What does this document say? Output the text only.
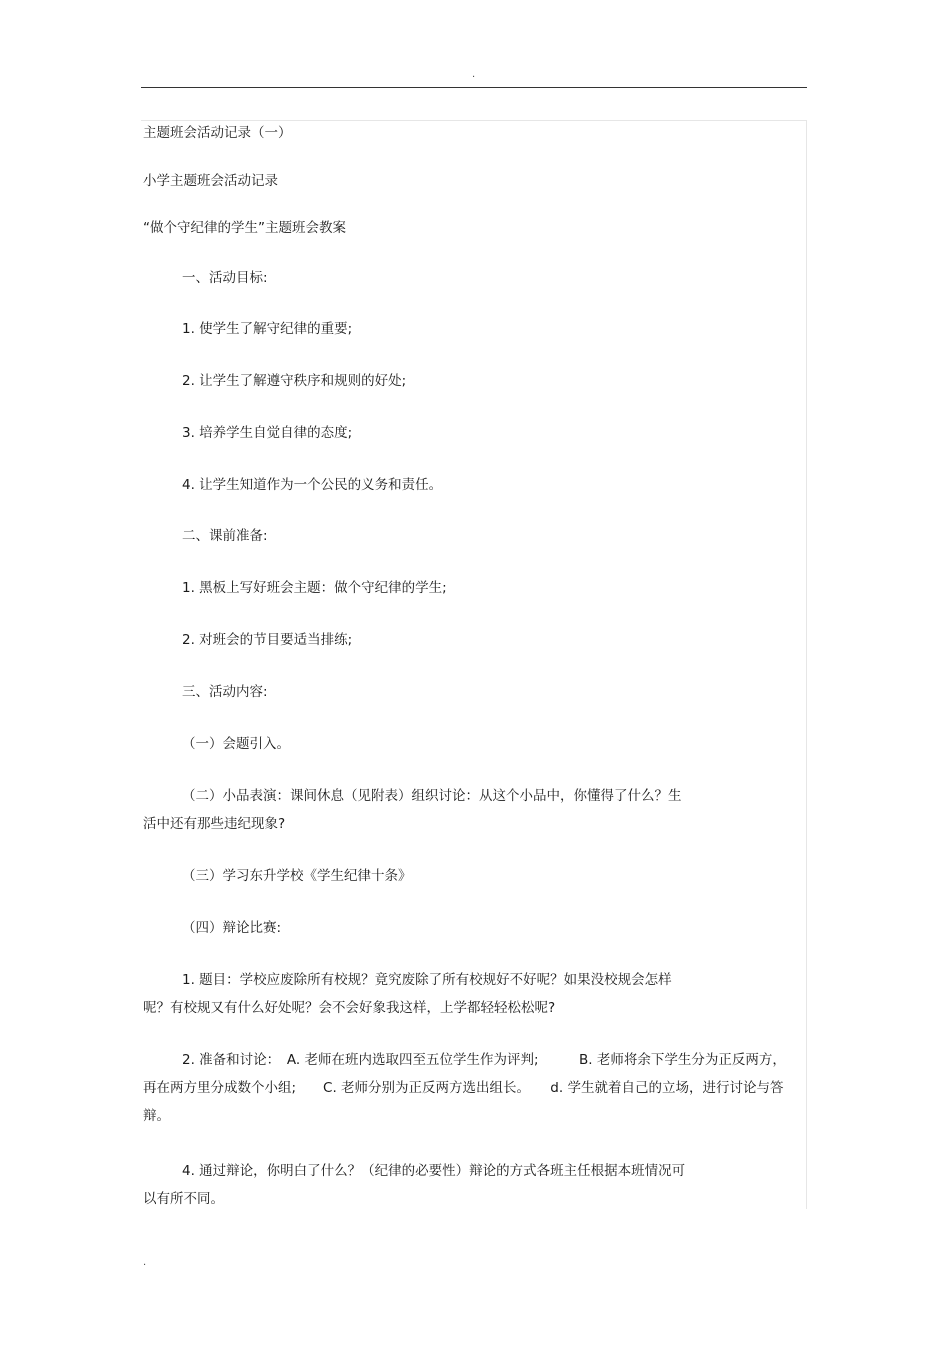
.
主题班会活动记录（一）
小学主题班会活动记录
“做个守纪律的学生”主题班会教案
一、活动目标:
1. 使学生了解守纪律的重要;
2. 让学生了解遵守秩序和规则的好处;
3. 培养学生自觉自律的态度;
4. 让学生知道作为一个公民的义务和责任。
二、课前准备:
1. 黑板上写好班会主题：做个守纪律的学生;
2. 对班会的节目要适当排练;
三、活动内容:
（一）会题引入。
（二）小品表演：课间休息（见附表）组织讨论：从这个小品中，你懂得了什么？生
活中还有那些违纪现象?
（三）学习东升学校《学生纪律十条》
（四）辩论比赛:
1. 题目：学校应废除所有校规？竟究废除了所有校规好不好呢？如果没校规会怎样
呢？有校规又有什么好处呢？会不会好象我这样，上学都轻轻松松呢?
2. 准备和讨论：　A. 老师在班内选取四至五位学生作为评判;　　　B. 老师将余下学生分为正反两方，　再在两方里分成数个小组;　　C. 老师分别为正反两方选出组长。　　d. 学生就着自己的立场，进行讨论与答辩。
4. 通过辩论，你明白了什么？（纪律的必要性）辩论的方式各班主任根据本班情况可
以有所不同。
.
